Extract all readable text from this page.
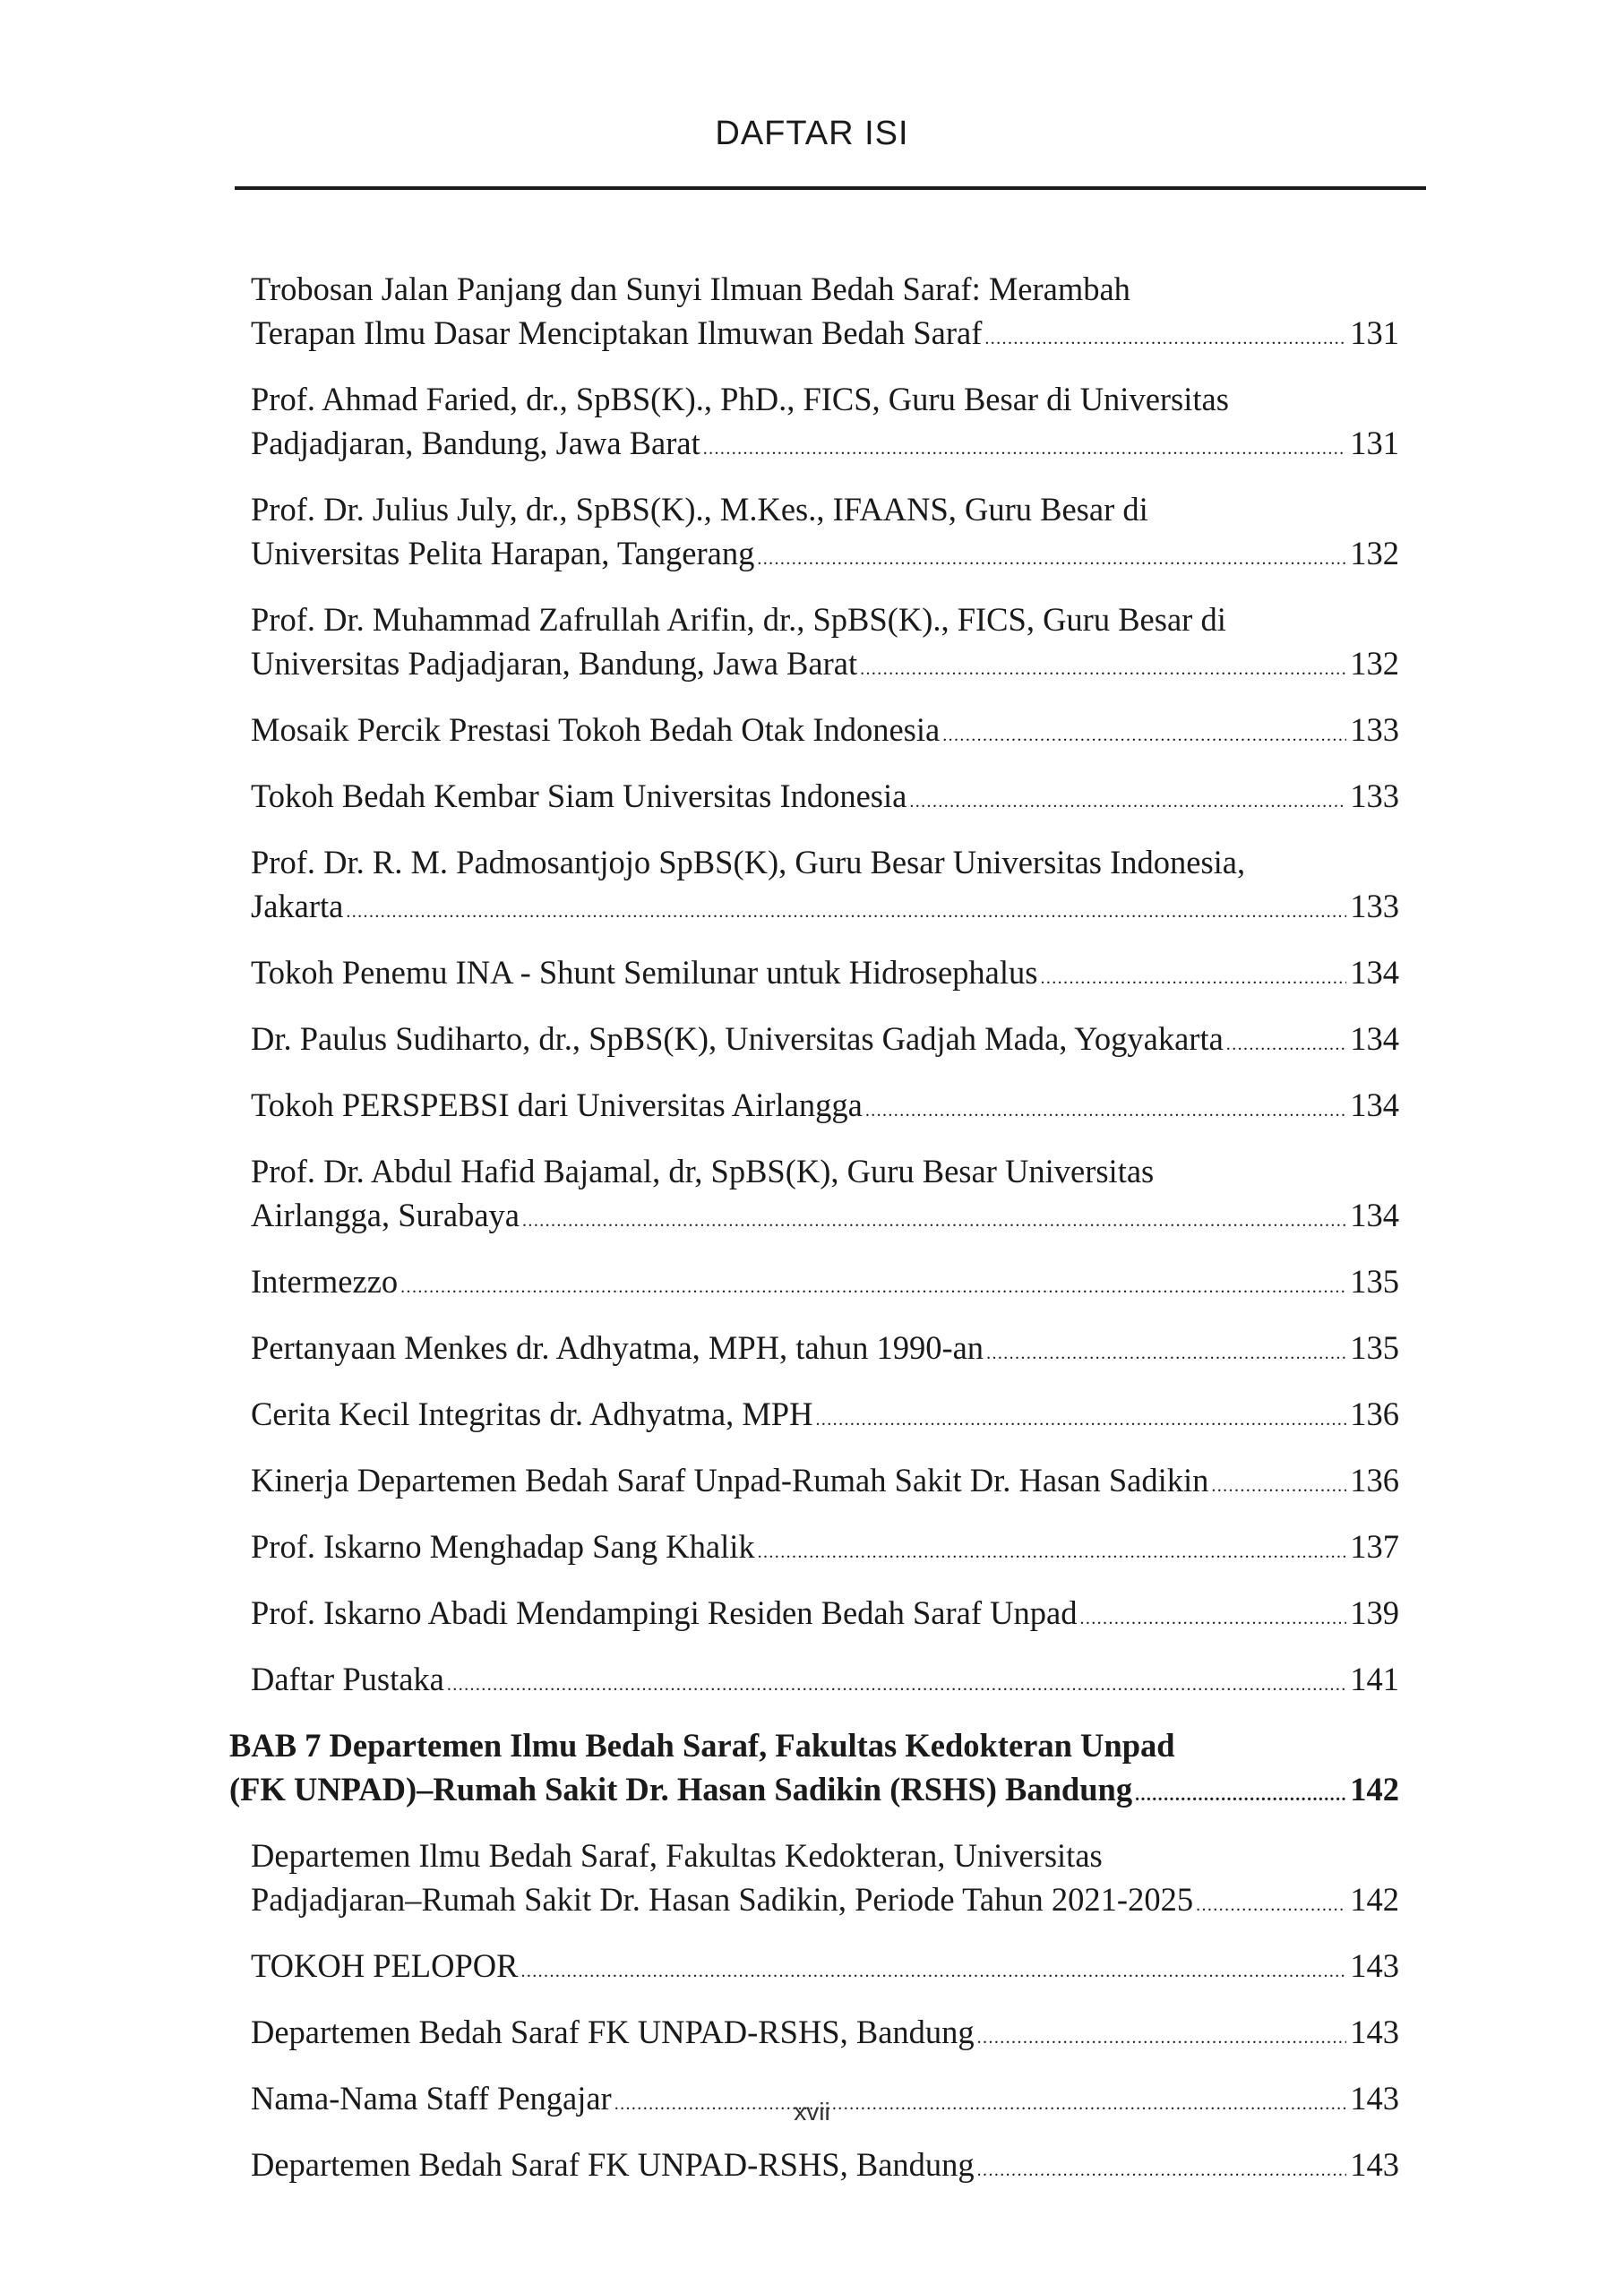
DAFTAR ISI
Trobosan Jalan Panjang dan Sunyi Ilmuan Bedah Saraf: Merambah
Terapan Ilmu Dasar Menciptakan Ilmuwan Bedah Saraf .....	131
Prof. Ahmad Faried, dr., SpBS(K)., PhD., FICS, Guru Besar di Universitas
Padjadjaran, Bandung, Jawa Barat .....	131
Prof. Dr. Julius July, dr., SpBS(K)., M.Kes., IFAANS, Guru Besar di
Universitas Pelita Harapan, Tangerang .....	132
Prof. Dr. Muhammad Zafrullah Arifin, dr., SpBS(K)., FICS, Guru Besar di
Universitas Padjadjaran, Bandung, Jawa Barat .....	132
Mosaik Percik Prestasi Tokoh Bedah Otak Indonesia .....	133
Tokoh Bedah Kembar Siam Universitas Indonesia .....	133
Prof. Dr. R. M. Padmosantjojo SpBS(K), Guru Besar Universitas Indonesia,
Jakarta .....	133
Tokoh Penemu INA - Shunt Semilunar untuk Hidrosephalus .....	134
Dr. Paulus Sudiharto, dr., SpBS(K), Universitas Gadjah Mada, Yogyakarta .....	134
Tokoh PERSPEBSI dari Universitas Airlangga .....	134
Prof. Dr. Abdul Hafid Bajamal, dr, SpBS(K), Guru Besar Universitas
Airlangga, Surabaya .....	134
Intermezzo .....	135
Pertanyaan Menkes dr. Adhyatma, MPH, tahun 1990-an .....	135
Cerita Kecil Integritas dr. Adhyatma, MPH .....	136
Kinerja Departemen Bedah Saraf Unpad-Rumah Sakit Dr. Hasan Sadikin .....	136
Prof. Iskarno Menghadap Sang Khalik .....	137
Prof. Iskarno Abadi Mendampingi Residen Bedah Saraf Unpad .....	139
Daftar Pustaka .....	141
BAB 7 Departemen Ilmu Bedah Saraf, Fakultas Kedokteran Unpad
(FK UNPAD)–Rumah Sakit Dr. Hasan Sadikin (RSHS) Bandung .....	142
Departemen Ilmu Bedah Saraf, Fakultas Kedokteran, Universitas
Padjadjaran–Rumah Sakit Dr. Hasan Sadikin, Periode Tahun 2021-2025 .....	142
TOKOH PELOPOR .....	143
Departemen Bedah Saraf FK UNPAD-RSHS, Bandung .....	143
Nama-Nama Staff Pengajar .....	143
Departemen Bedah Saraf FK UNPAD-RSHS, Bandung .....	143
xvii
